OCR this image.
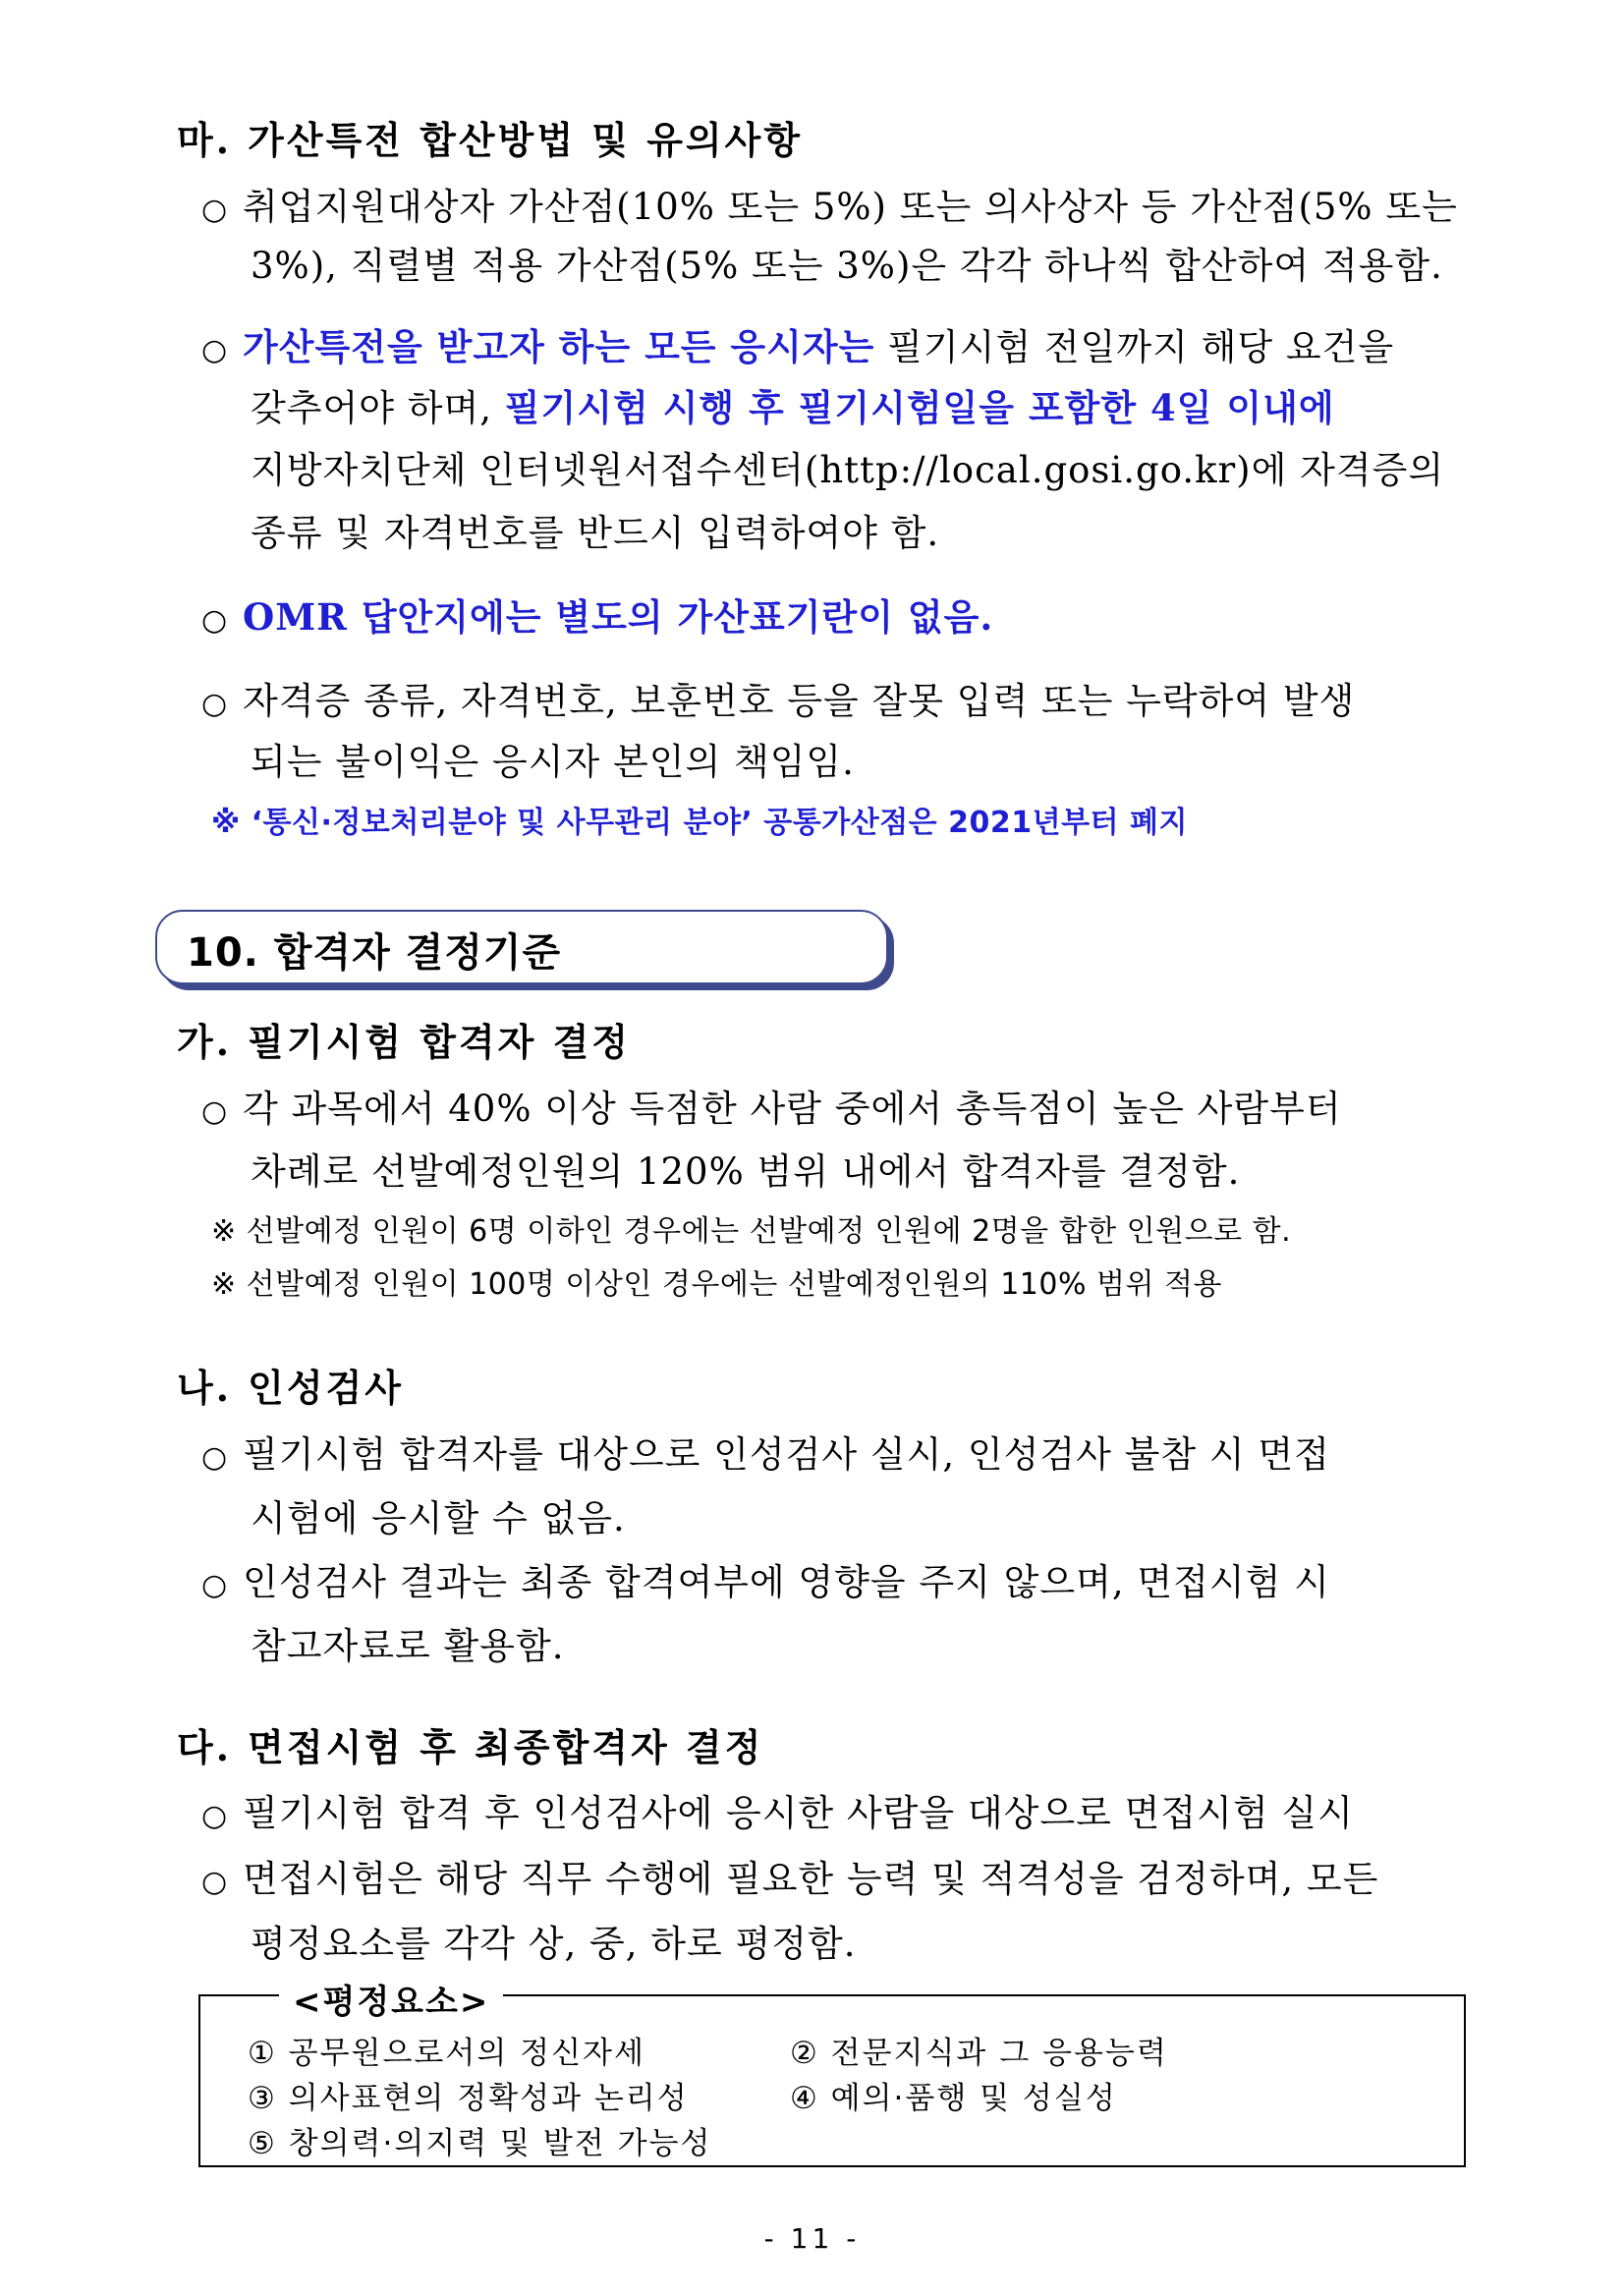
마. 가산특전 합산방법 및 유의사항
○ 취업지원대상자 가산점(10% 또는 5%) 또는 의사상자 등 가산점(5% 또는
3%), 직렬별 적용 가산점(5% 또는 3%)은 각각 하나씩 합산하여 적용함.
○ 가산특전을 받고자 하는 모든 응시자는 필기시험 전일까지 해당 요건을
갖추어야 하며, 필기시험 시행 후 필기시험일을 포함한 4일 이내에
지방자치단체 인터넷원서접수센터(http://local.gosi.go.kr)에 자격증의
종류 및 자격번호를 반드시 입력하여야 함.
○ OMR 답안지에는 별도의 가산표기란이 없음.
○ 자격증 종류, 자격번호, 보훈번호 등을 잘못 입력 또는 누락하여 발생
되는 불이익은 응시자 본인의 책임임.
※ ‘통신·정보처리분야 및 사무관리 분야’ 공통가산점은 2021년부터 폐지
10. 합격자 결정기준
가. 필기시험 합격자 결정
○ 각 과목에서 40% 이상 득점한 사람 중에서 총득점이 높은 사람부터
차례로 선발예정인원의 120% 범위 내에서 합격자를 결정함.
※ 선발예정 인원이 6명 이하인 경우에는 선발예정 인원에 2명을 합한 인원으로 함.
※ 선발예정 인원이 100명 이상인 경우에는 선발예정인원의 110% 범위 적용
나. 인성검사
○ 필기시험 합격자를 대상으로 인성검사 실시, 인성검사 불참 시 면접
시험에 응시할 수 없음.
○ 인성검사 결과는 최종 합격여부에 영향을 주지 않으며, 면접시험 시
참고자료로 활용함.
다. 면접시험 후 최종합격자 결정
○ 필기시험 합격 후 인성검사에 응시한 사람을 대상으로 면접시험 실시
○ 면접시험은 해당 직무 수행에 필요한 능력 및 적격성을 검정하며, 모든
평정요소를 각각 상, 중, 하로 평정함.
<평정요소>
① 공무원으로서의 정신자세	② 전문지식과 그 응용능력
③ 의사표현의 정확성과 논리성	④ 예의·품행 및 성실성
⑤ 창의력·의지력 및 발전 가능성
- 11 -
